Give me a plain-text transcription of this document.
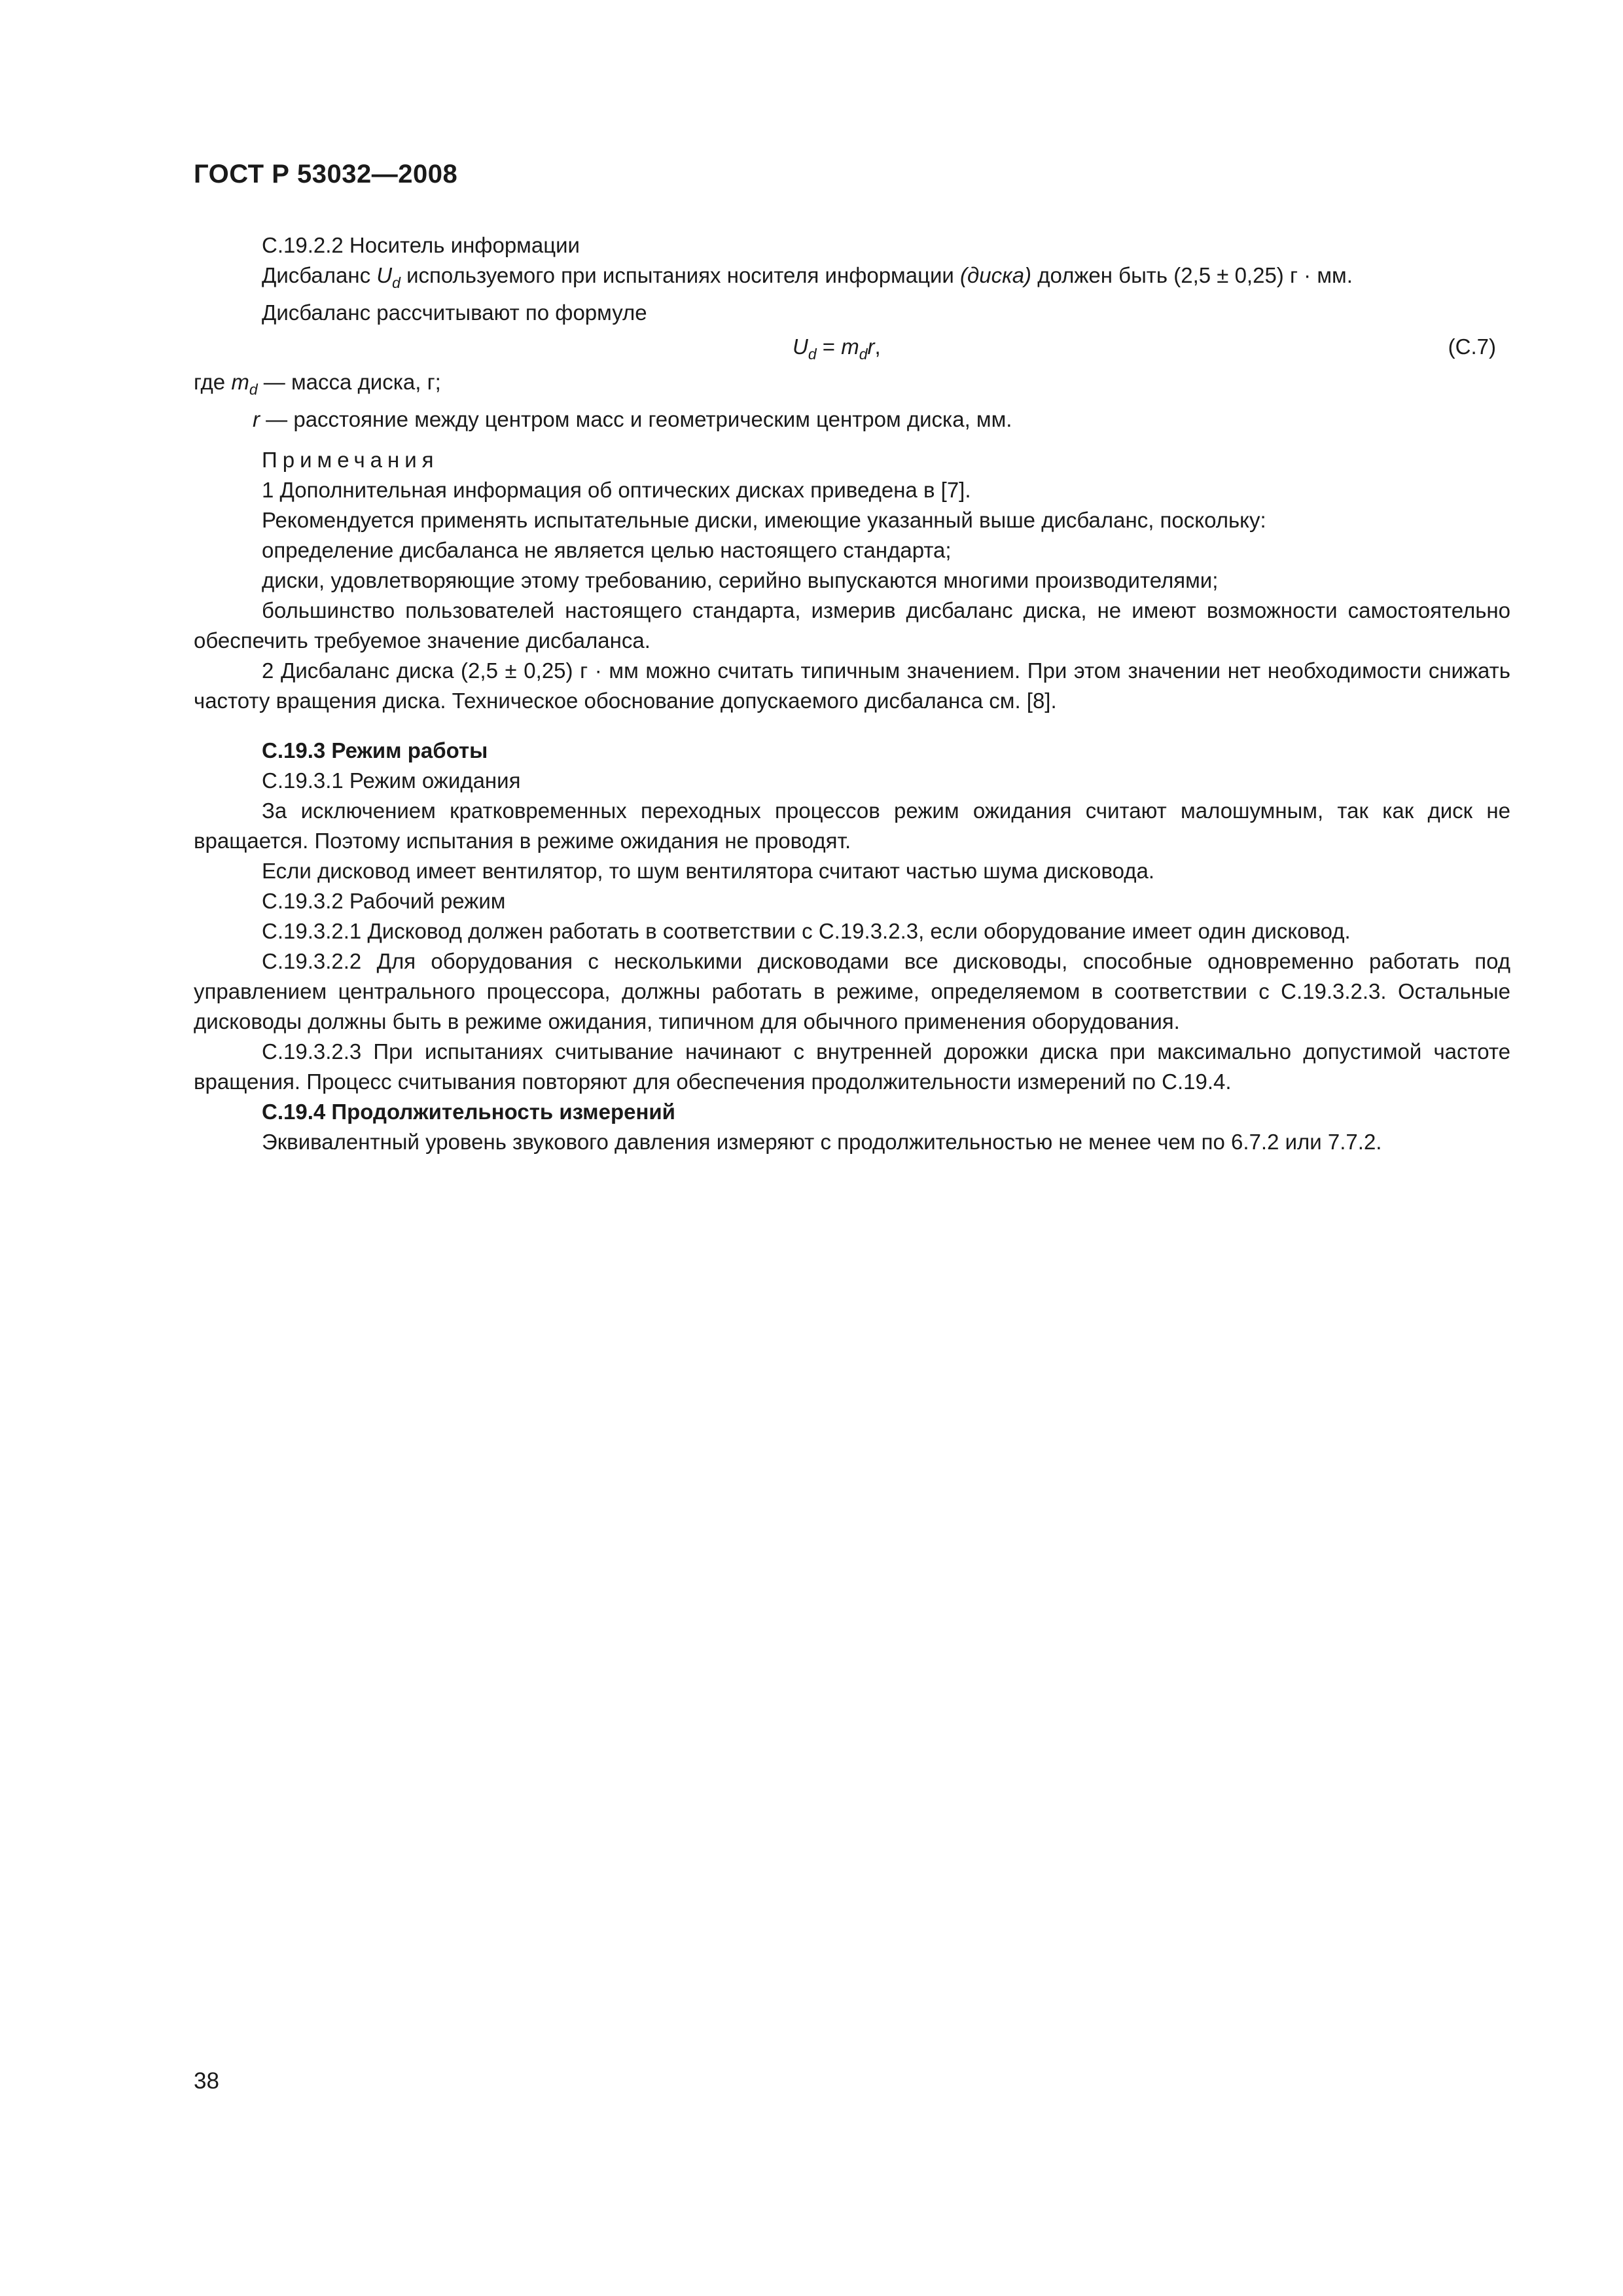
ГОСТ Р 53032—2008

С.19.2.2 Носитель информации

Дисбаланс $U_d$ используемого при испытаниях носителя информации (диска) должен быть (2,5 ± 0,25) г · мм.

Дисбаланс рассчитывают по формуле

$U_d = m_dr$,	(С.7)

где $m_d$ — масса диска, г;

r — расстояние между центром масс и геометрическим центром диска, мм.

Примечания

1 Дополнительная информация об оптических дисках приведена в [7].

Рекомендуется применять испытательные диски, имеющие указанный выше дисбаланс, поскольку:

определение дисбаланса не является целью настоящего стандарта;

диски, удовлетворяющие этому требованию, серийно выпускаются многими производителями;

большинство пользователей настоящего стандарта, измерив дисбаланс диска, не имеют возможности самостоятельно обеспечить требуемое значение дисбаланса.

2 Дисбаланс диска (2,5 ± 0,25) г · мм можно считать типичным значением. При этом значении нет необходимости снижать частоту вращения диска. Техническое обоснование допускаемого дисбаланса см. [8].

С.19.3 Режим работы

С.19.3.1 Режим ожидания

За исключением кратковременных переходных процессов режим ожидания считают малошумным, так как диск не вращается. Поэтому испытания в режиме ожидания не проводят.

Если дисковод имеет вентилятор, то шум вентилятора считают частью шума дисковода.

С.19.3.2 Рабочий режим

С.19.3.2.1 Дисковод должен работать в соответствии с С.19.3.2.3, если оборудование имеет один дисковод.

С.19.3.2.2 Для оборудования с несколькими дисководами все дисководы, способные одновременно работать под управлением центрального процессора, должны работать в режиме, определяемом в соответствии с С.19.3.2.3. Остальные дисководы должны быть в режиме ожидания, типичном для обычного применения оборудования.

С.19.3.2.3 При испытаниях считывание начинают с внутренней дорожки диска при максимально допустимой частоте вращения. Процесс считывания повторяют для обеспечения продолжительности измерений по С.19.4.

С.19.4 Продолжительность измерений

Эквивалентный уровень звукового давления измеряют с продолжительностью не менее чем по 6.7.2 или 7.7.2.

38
